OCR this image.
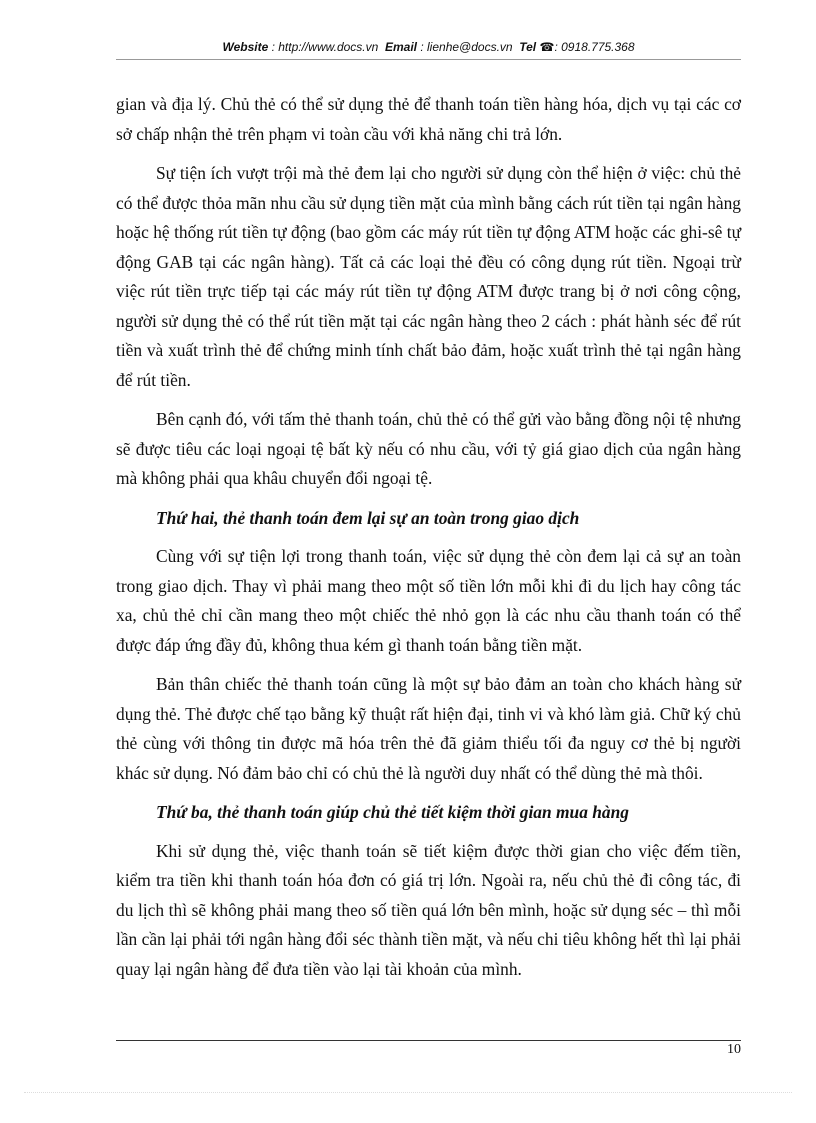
Website : http://www.docs.vn Email : lienhe@docs.vn Tel ☎: 0918.775.368

gian và địa lý. Chủ thẻ có thể sử dụng thẻ để thanh toán tiền hàng hóa, dịch vụ tại các cơ sở chấp nhận thẻ trên phạm vi toàn cầu với khả năng chi trả lớn.

Sự tiện ích vượt trội mà thẻ đem lại cho người sử dụng còn thể hiện ở việc: chủ thẻ có thể được thỏa mãn nhu cầu sử dụng tiền mặt của mình bằng cách rút tiền tại ngân hàng hoặc hệ thống rút tiền tự động (bao gồm các máy rút tiền tự động ATM hoặc các ghi-sê tự động GAB tại các ngân hàng). Tất cả các loại thẻ đều có công dụng rút tiền. Ngoại trừ việc rút tiền trực tiếp tại các máy rút tiền tự động ATM được trang bị ở nơi công cộng, người sử dụng thẻ có thể rút tiền mặt tại các ngân hàng theo 2 cách : phát hành séc để rút tiền và xuất trình thẻ để chứng minh tính chất bảo đảm, hoặc xuất trình thẻ tại ngân hàng để rút tiền.

Bên cạnh đó, với tấm thẻ thanh toán, chủ thẻ có thể gửi vào bằng đồng nội tệ nhưng sẽ được tiêu các loại ngoại tệ bất kỳ nếu có nhu cầu, với tỷ giá giao dịch của ngân hàng mà không phải qua khâu chuyển đổi ngoại tệ.

Thứ hai, thẻ thanh toán đem lại sự an toàn trong giao dịch

Cùng với sự tiện lợi trong thanh toán, việc sử dụng thẻ còn đem lại cả sự an toàn trong giao dịch. Thay vì phải mang theo một số tiền lớn mỗi khi đi du lịch hay công tác xa, chủ thẻ chỉ cần mang theo một chiếc thẻ nhỏ gọn là các nhu cầu thanh toán có thể được đáp ứng đầy đủ, không thua kém gì thanh toán bằng tiền mặt.

Bản thân chiếc thẻ thanh toán cũng là một sự bảo đảm an toàn cho khách hàng sử dụng thẻ. Thẻ được chế tạo bằng kỹ thuật rất hiện đại, tinh vi và khó làm giả. Chữ ký chủ thẻ cùng với thông tin được mã hóa trên thẻ đã giảm thiểu tối đa nguy cơ thẻ bị người khác sử dụng. Nó đảm bảo chỉ có chủ thẻ là người duy nhất có thể dùng thẻ mà thôi.

Thứ ba, thẻ thanh toán giúp chủ thẻ tiết kiệm thời gian mua hàng

Khi sử dụng thẻ, việc thanh toán sẽ tiết kiệm được thời gian cho việc đếm tiền, kiểm tra tiền khi thanh toán hóa đơn có giá trị lớn. Ngoài ra, nếu chủ thẻ đi công tác, đi du lịch thì sẽ không phải mang theo số tiền quá lớn bên mình, hoặc sử dụng séc – thì mỗi lần cần lại phải tới ngân hàng đổi séc thành tiền mặt, và nếu chi tiêu không hết thì lại phải quay lại ngân hàng để đưa tiền vào lại tài khoản của mình.

10
